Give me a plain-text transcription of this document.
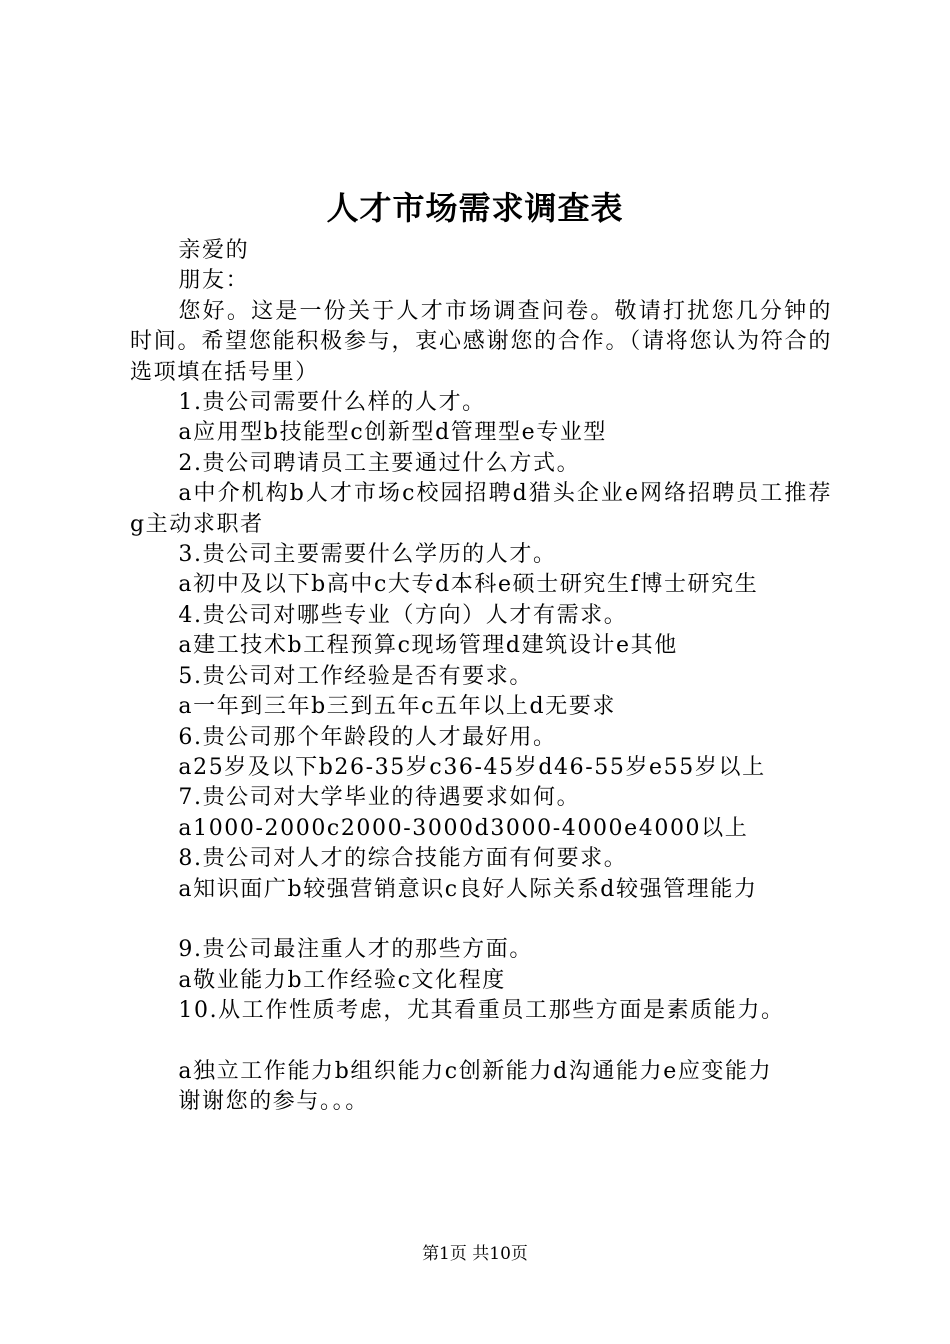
人才市场需求调查表

亲爱的

朋友：

您好。这是一份关于人才市场调查问卷。敬请打扰您几分钟的时间。希望您能积极参与，衷心感谢您的合作。（请将您认为符合的选项填在括号里）

1.贵公司需要什么样的人才。

a应用型b技能型c创新型d管理型e专业型

2.贵公司聘请员工主要通过什么方式。

a中介机构b人才市场c校园招聘d猎头企业e网络招聘员工推荐g主动求职者

3.贵公司主要需要什么学历的人才。

a初中及以下b高中c大专d本科e硕士研究生f博士研究生

4.贵公司对哪些专业（方向）人才有需求。

a建工技术b工程预算c现场管理d建筑设计e其他

5.贵公司对工作经验是否有要求。

a一年到三年b三到五年c五年以上d无要求

6.贵公司那个年龄段的人才最好用。

a25岁及以下b26-35岁c36-45岁d46-55岁e55岁以上

7.贵公司对大学毕业的待遇要求如何。

a1000-2000c2000-3000d3000-4000e4000以上

8.贵公司对人才的综合技能方面有何要求。

a知识面广b较强营销意识c良好人际关系d较强管理能力

9.贵公司最注重人才的那些方面。

a敬业能力b工作经验c文化程度

10.从工作性质考虑，尤其看重员工那些方面是素质能力。

a独立工作能力b组织能力c创新能力d沟通能力e应变能力

谢谢您的参与。。。

第1页 共10页
